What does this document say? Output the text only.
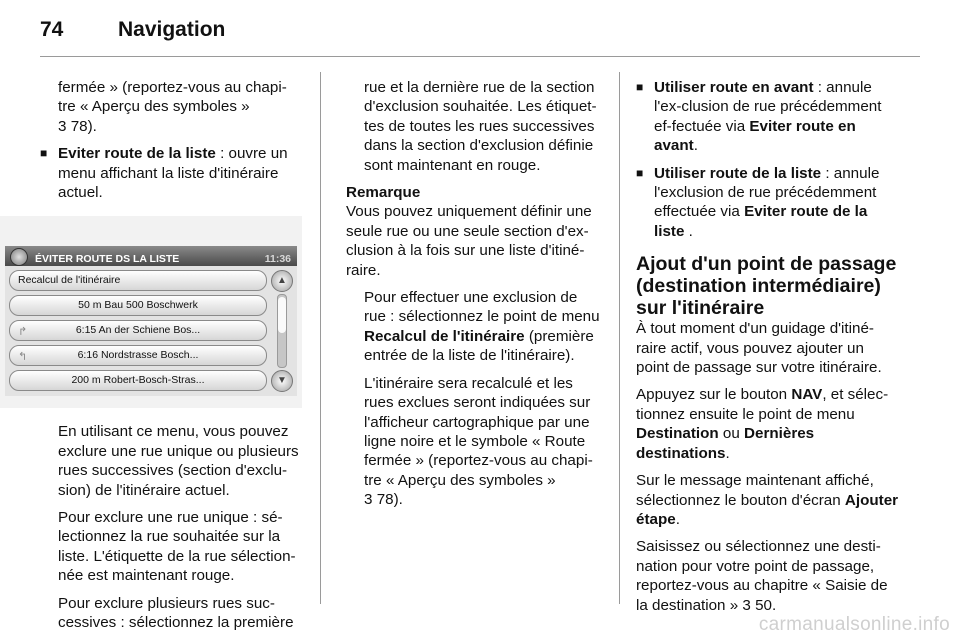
74	Navigation

fermée » (reportez-vous au chapi-tre « Aperçu des symboles »
3 78).

■ Eviter route de la liste : ouvre un menu affichant la liste d'itinéraire actuel.
ÉVITER ROUTE DS LA LISTE	11:36
Recalcul de l'itinéraire
50 m Bau 500 Boschwerk
↱	6:15 An der Schiene Bos...
↰	6:16 Nordstrasse Bosch...
200 m Robert-Bosch-Stras...
▲
▼

En utilisant ce menu, vous pouvez exclure une rue unique ou plusieurs rues successives (section d'exclu-sion) de l'itinéraire actuel.

Pour exclure une rue unique : sé-lectionnez la rue souhaitée sur la liste. L'étiquette de la rue sélection-née est maintenant rouge.

Pour exclure plusieurs rues suc-cessives : sélectionnez la première

rue et la dernière rue de la section d'exclusion souhaitée. Les étiquet-tes de toutes les rues successives dans la section d'exclusion définie sont maintenant en rouge.

Remarque

Vous pouvez uniquement définir une seule rue ou une seule section d'ex-clusion à la fois sur une liste d'itiné-raire.

Pour effectuer une exclusion de rue : sélectionnez le point de menu Recalcul de l'itinéraire (première entrée de la liste de l'itinéraire).

L'itinéraire sera recalculé et les rues exclues seront indiquées sur l'afficheur cartographique par une ligne noire et le symbole « Route fermée » (reportez-vous au chapi-tre « Aperçu des symboles »
3 78).

■ Utiliser route en avant : annule l'ex-clusion de rue précédemment ef-fectuée via Eviter route en avant.
■ Utiliser route de la liste : annule l'exclusion de rue précédemment effectuée via Eviter route de la liste .
Ajout d'un point de passage (destination intermédiaire) sur l'itinéraire

À tout moment d'un guidage d'itiné-raire actif, vous pouvez ajouter un point de passage sur votre itinéraire.

Appuyez sur le bouton NAV, et sélec-tionnez ensuite le point de menu Destination ou Dernières destinations.

Sur le message maintenant affiché, sélectionnez le bouton d'écran Ajouter étape.

Saisissez ou sélectionnez une desti-nation pour votre point de passage, reportez-vous au chapitre « Saisie de la destination » 3 50.

carmanualsonline.info
